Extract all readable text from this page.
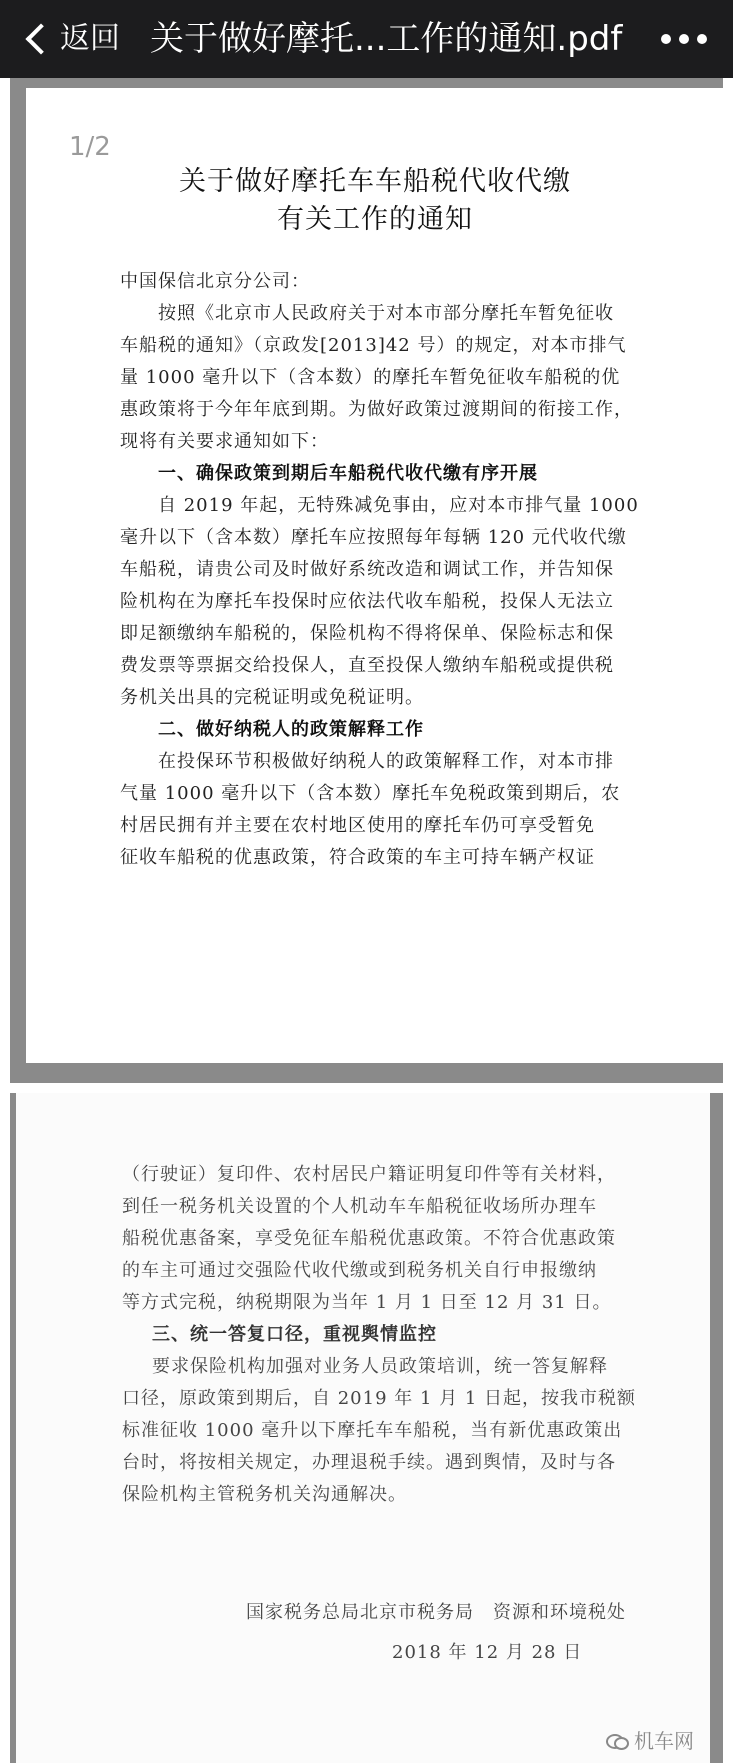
返回 关于做好摩托...工作的通知.pdf
1/2
关于做好摩托车车船税代收代缴
有关工作的通知
中国保信北京分公司：
按照《北京市人民政府关于对本市部分摩托车暂免征收
车船税的通知》（京政发[2013]42 号）的规定，对本市排气
量 1000 毫升以下（含本数）的摩托车暂免征收车船税的优
惠政策将于今年年底到期。为做好政策过渡期间的衔接工作，
现将有关要求通知如下：
一、确保政策到期后车船税代收代缴有序开展
自 2019 年起，无特殊减免事由，应对本市排气量 1000
毫升以下（含本数）摩托车应按照每年每辆 120 元代收代缴
车船税，请贵公司及时做好系统改造和调试工作，并告知保
险机构在为摩托车投保时应依法代收车船税，投保人无法立
即足额缴纳车船税的，保险机构不得将保单、保险标志和保
费发票等票据交给投保人，直至投保人缴纳车船税或提供税
务机关出具的完税证明或免税证明。
二、做好纳税人的政策解释工作
在投保环节积极做好纳税人的政策解释工作，对本市排
气量 1000 毫升以下（含本数）摩托车免税政策到期后，农
村居民拥有并主要在农村地区使用的摩托车仍可享受暂免
征收车船税的优惠政策，符合政策的车主可持车辆产权证
（行驶证）复印件、农村居民户籍证明复印件等有关材料，
到任一税务机关设置的个人机动车车船税征收场所办理车
船税优惠备案，享受免征车船税优惠政策。不符合优惠政策
的车主可通过交强险代收代缴或到税务机关自行申报缴纳
等方式完税，纳税期限为当年 1 月 1 日至 12 月 31 日。
三、统一答复口径，重视舆情监控
要求保险机构加强对业务人员政策培训，统一答复解释
口径，原政策到期后，自 2019 年 1 月 1 日起，按我市税额
标准征收 1000 毫升以下摩托车车船税，当有新优惠政策出
台时，将按相关规定，办理退税手续。遇到舆情，及时与各
保险机构主管税务机关沟通解决。
国家税务总局北京市税务局　资源和环境税处
2018 年 12 月 28 日
机车网
